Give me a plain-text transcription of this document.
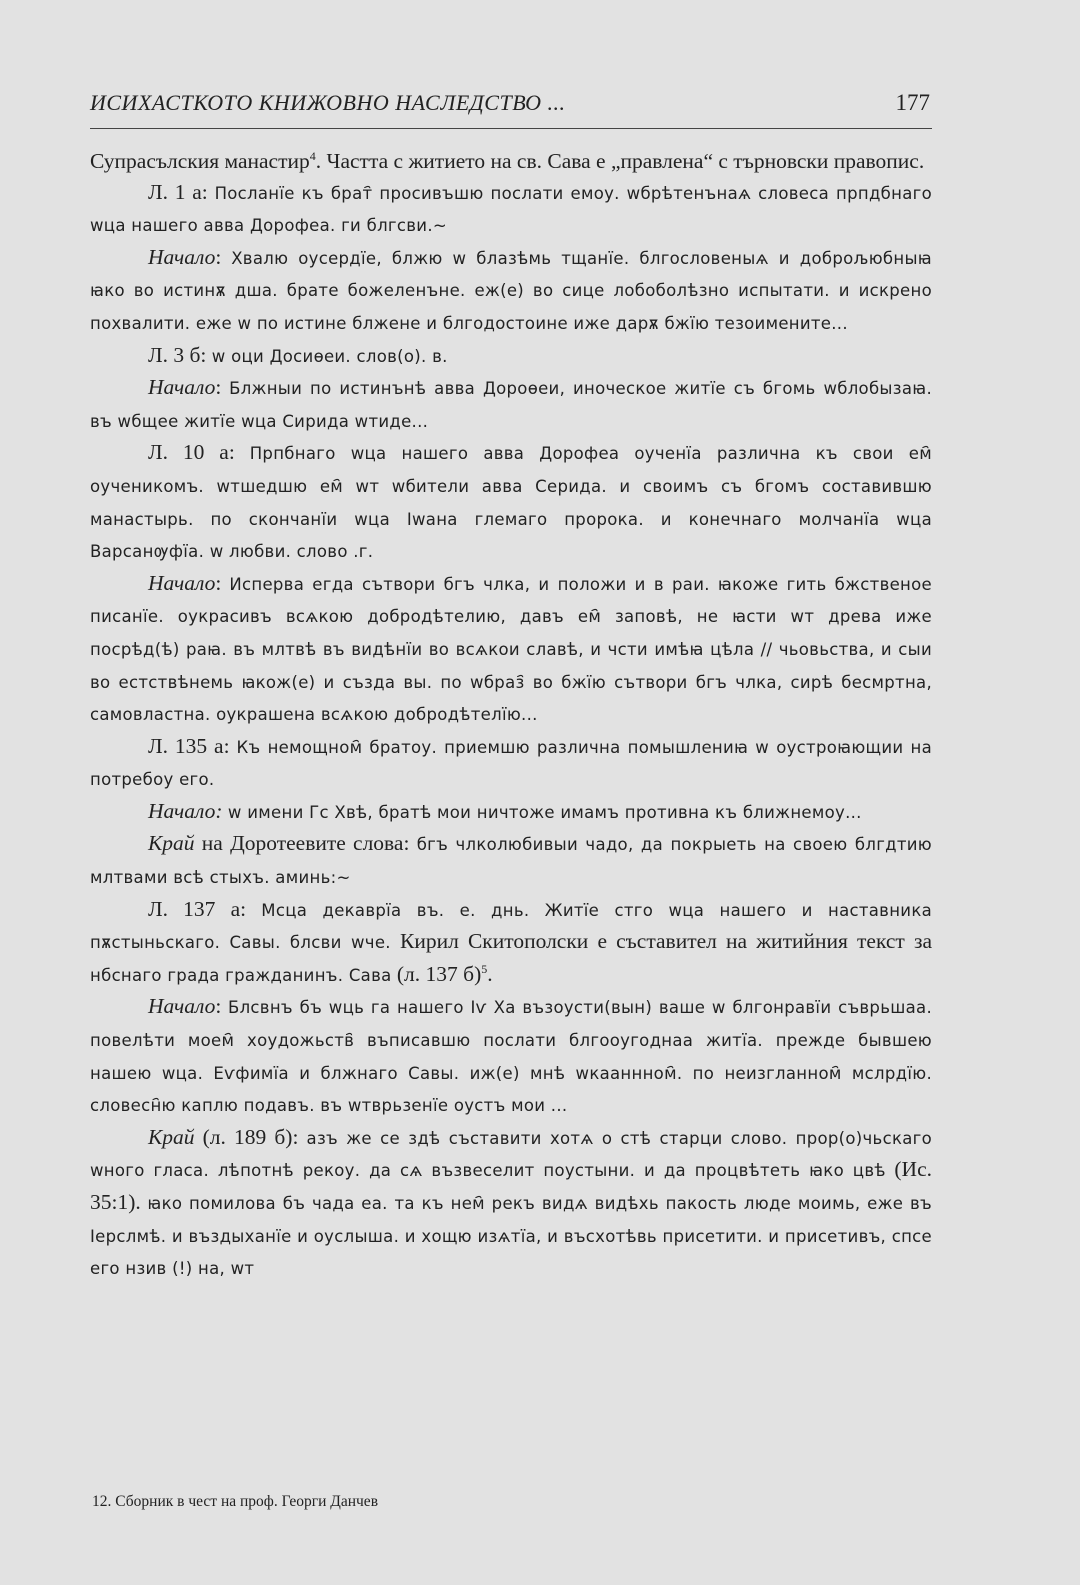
ИСИХАСТКОТО КНИЖОВНО НАСЛЕДСТВО ...	177

Супрасълския манастир$^4$. Частта с житието на св. Сава е „правлена“ с търновски правопис.

Л. 1 а: Посланїе къ брат҄ просивъшю послати емоу. wбрѣтенънаѧ словеса прпдбнаго wца нашего авва Дорофеа. ги блгсви.~

Начало: Хвалю оусердїе, блжю w блазѣмь тщанїе. блгословеныѧ и доброљюбныꙗ ꙗко во истинѫ дша. брате божеленъне. еж(е) во сице лобоболѣзно испытати. и искрено похвалити. еже w по истине блжене и блгодостоине иже дарѫ бжїю тезоимените...

Л. 3 б: w оци Досиѳеи. слов(о). в.

Начало: Блжныи по истинънѣ авва Дороѳеи, иноческое житїе съ бгомь wблобызаꙗ. въ wбщее житїе wца Сирида wтиде...

Л. 10 а: Прпбнаго wца нашего авва Дорофеа оученїа различна къ свои ем҄ оученикомъ. wтшедшю ем҄ wт wбители авва Серида. и своимъ съ бгомъ составившю манастырь. по скончанїи wца Iwана глемаго пророка. и конечнаго молчанїа wца Варсанѹфїа. w любви. слово .г.

Начало: Исперва егда сътвори бгъ члка, и положи и в раи. ꙗкоже гить бжственое писанїе. оукрасивъ всѧкою добродѣтелию, давъ ем҄ заповѣ, не ꙗсти wт древа иже посрѣд(ѣ) раꙗ. въ млтвѣ въ видѣнїи во всѧкои славѣ, и чсти имѣꙗ цѣла // чьовьства, и сыи во естствѣнемь ꙗкож(е) и създа вы. по wбраз҄ во бжїю сътвори бгъ члка, сирѣ бесмртна, самовластна. оукрашена всѧкою добродѣтелїю...

Л. 135 а: Къ немощном҄ братоу. приемшю различна помышлениꙗ w оустроꙗющии на потребоу его.

Начало: w имени Гс Хвѣ, братѣ мои ничтоже имамъ противна къ ближнемоу...

Край на Доротеевите слова: бгъ члколюбивыи чадо, да покрыеть на своею блгдтию млтвами всѣ стыхъ. аминь:~

Л. 137 а: Мсца декаврїа въ. е. днь. Житїе стго wца нашего и наставника пѫстыньскаго. Савы. блсви wче. Кирил Скитополски е съставител на житийния текст за нбснаго града гражданинъ. Сава (л. 137 б)$^5$.

Начало: Блсвнъ бъ wць га нашего Iѵ Ха възоусти(вын) ваше w блгонравїи съврьшаа. повелѣти моем҄ хоудожьств҄ въписавшю послати блгооугоднаа житїа. прежде бывшею нашею wца. Еѵфимїа и блжнаго Савы. иж(е) мнѣ wкааннном҄. по неизгланном҄ мслрдїю. словесн҄ю каплю подавъ. въ wтврьзенїе оустъ мои ...

Край (л. 189 б): азъ же се здѣ съставити хотѧ о стѣ старци слово. прор(о)чьскаго wного гласа. лѣпотнѣ рекоу. да сѧ възвеселит поустыни. и да процвѣтеть ꙗко цвѣ (Ис. 35:1). ꙗко помилова бъ чада еа. та къ нем҄ рекъ видѧ видѣхь пакость люде моимь, еже въ Iерслмѣ. и въздыханїе и оуслыша. и хощю изѧтїа, и въсхотѣвь присетити. и присетивъ, спсе его нзив (!) на, wт

12. Сборник в чест на проф. Георги Данчев
